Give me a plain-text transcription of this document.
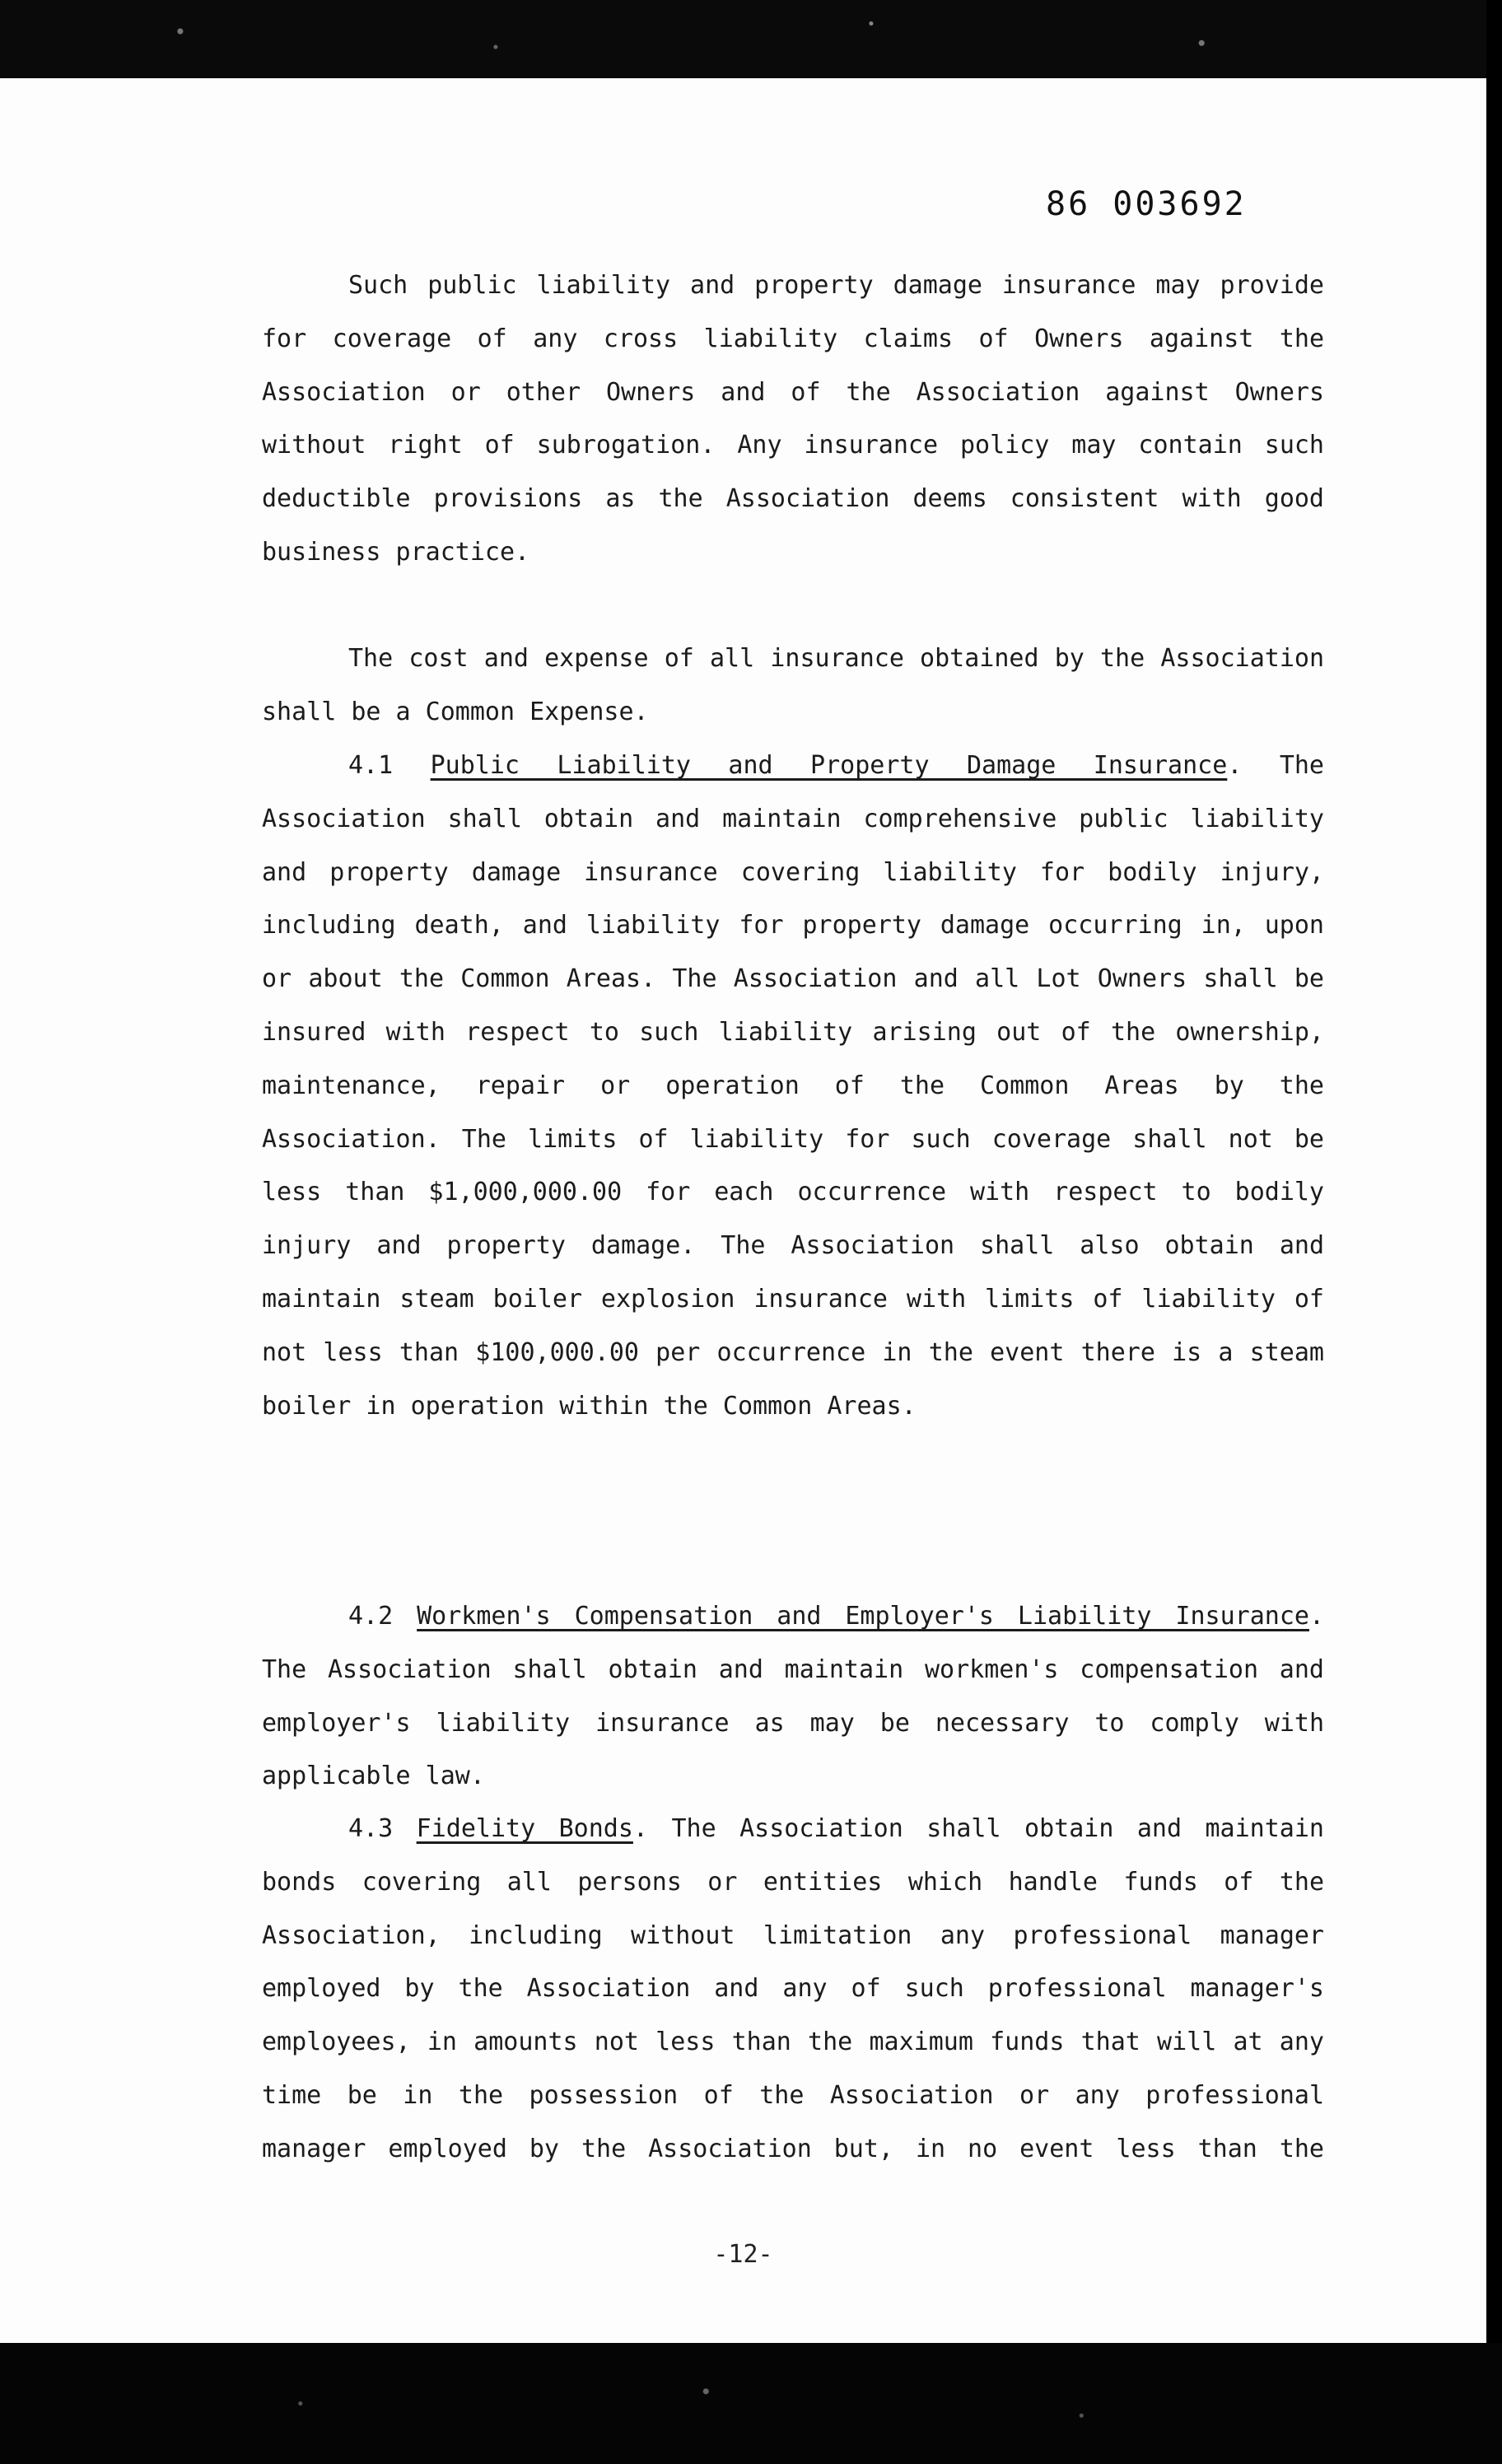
86 003692
Such public liability and property damage insurance may provide for coverage of any cross liability claims of Owners against the Association or other Owners and of the Association against Owners without right of subrogation. Any insurance policy may contain such deductible provisions as the Association deems consistent with good business practice.
The cost and expense of all insurance obtained by the Association shall be a Common Expense.
4.1 Public Liability and Property Damage Insurance. The Association shall obtain and maintain comprehensive public liability and property damage insurance covering liability for bodily injury, including death, and liability for property damage occurring in, upon or about the Common Areas. The Association and all Lot Owners shall be insured with respect to such liability arising out of the ownership, maintenance, repair or operation of the Common Areas by the Association. The limits of liability for such coverage shall not be less than $1,000,000.00 for each occurrence with respect to bodily injury and property damage. The Association shall also obtain and maintain steam boiler explosion insurance with limits of liability of not less than $100,000.00 per occurrence in the event there is a steam boiler in operation within the Common Areas.
4.2 Workmen's Compensation and Employer's Liability Insurance. The Association shall obtain and maintain workmen's compensation and employer's liability insurance as may be necessary to comply with applicable law.
4.3 Fidelity Bonds. The Association shall obtain and maintain bonds covering all persons or entities which handle funds of the Association, including without limitation any professional manager employed by the Association and any of such professional manager's employees, in amounts not less than the maximum funds that will at any time be in the possession of the Association or any professional manager employed by the Association but, in no event less than the
-12-
